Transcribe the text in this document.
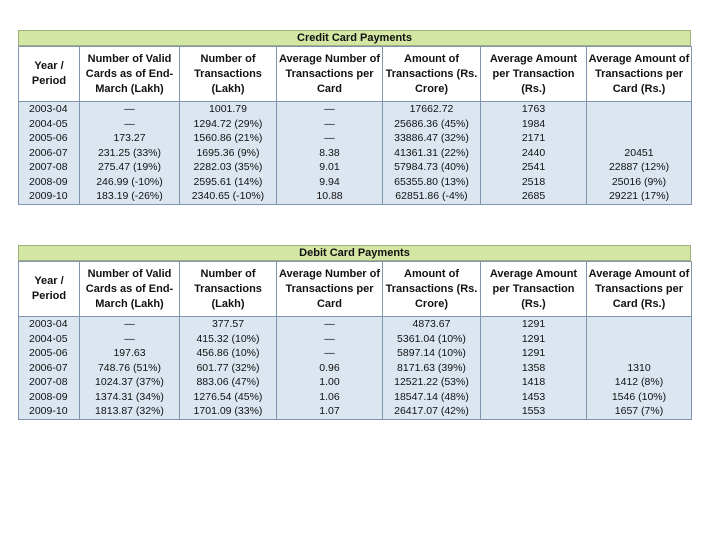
Credit Card Payments
Year / Period	Number of Valid Cards as of End-March (Lakh)	Number of Transactions (Lakh)	Average Number of Transactions per Card	Amount of Transactions (Rs. Crore)	Average Amount per Transaction (Rs.)	Average Amount of Transactions per Card (Rs.)
2003-04	—	1001.79	—	17662.72	1763	
2004-05	—	1294.72 (29%)	—	25686.36 (45%)	1984	
2005-06	173.27	1560.86 (21%)	—	33886.47 (32%)	2171	
2006-07	231.25 (33%)	1695.36 (9%)	8.38	41361.31 (22%)	2440	20451
2007-08	275.47 (19%)	2282.03 (35%)	9.01	57984.73 (40%)	2541	22887 (12%)
2008-09	246.99 (-10%)	2595.61 (14%)	9.94	65355.80 (13%)	2518	25016 (9%)
2009-10	183.19 (-26%)	2340.65 (-10%)	10.88	62851.86 (-4%)	2685	29221 (17%)
Debit Card Payments
Year / Period	Number of Valid Cards as of End-March (Lakh)	Number of Transactions (Lakh)	Average Number of Transactions per Card	Amount of Transactions (Rs. Crore)	Average Amount per Transaction (Rs.)	Average Amount of Transactions per Card (Rs.)
2003-04	—	377.57	—	4873.67	1291	
2004-05	—	415.32 (10%)	—	5361.04 (10%)	1291	
2005-06	197.63	456.86 (10%)	—	5897.14 (10%)	1291	
2006-07	748.76 (51%)	601.77 (32%)	0.96	8171.63 (39%)	1358	1310
2007-08	1024.37 (37%)	883.06 (47%)	1.00	12521.22 (53%)	1418	1412 (8%)
2008-09	1374.31 (34%)	1276.54 (45%)	1.06	18547.14 (48%)	1453	1546 (10%)
2009-10	1813.87 (32%)	1701.09 (33%)	1.07	26417.07 (42%)	1553	1657 (7%)
